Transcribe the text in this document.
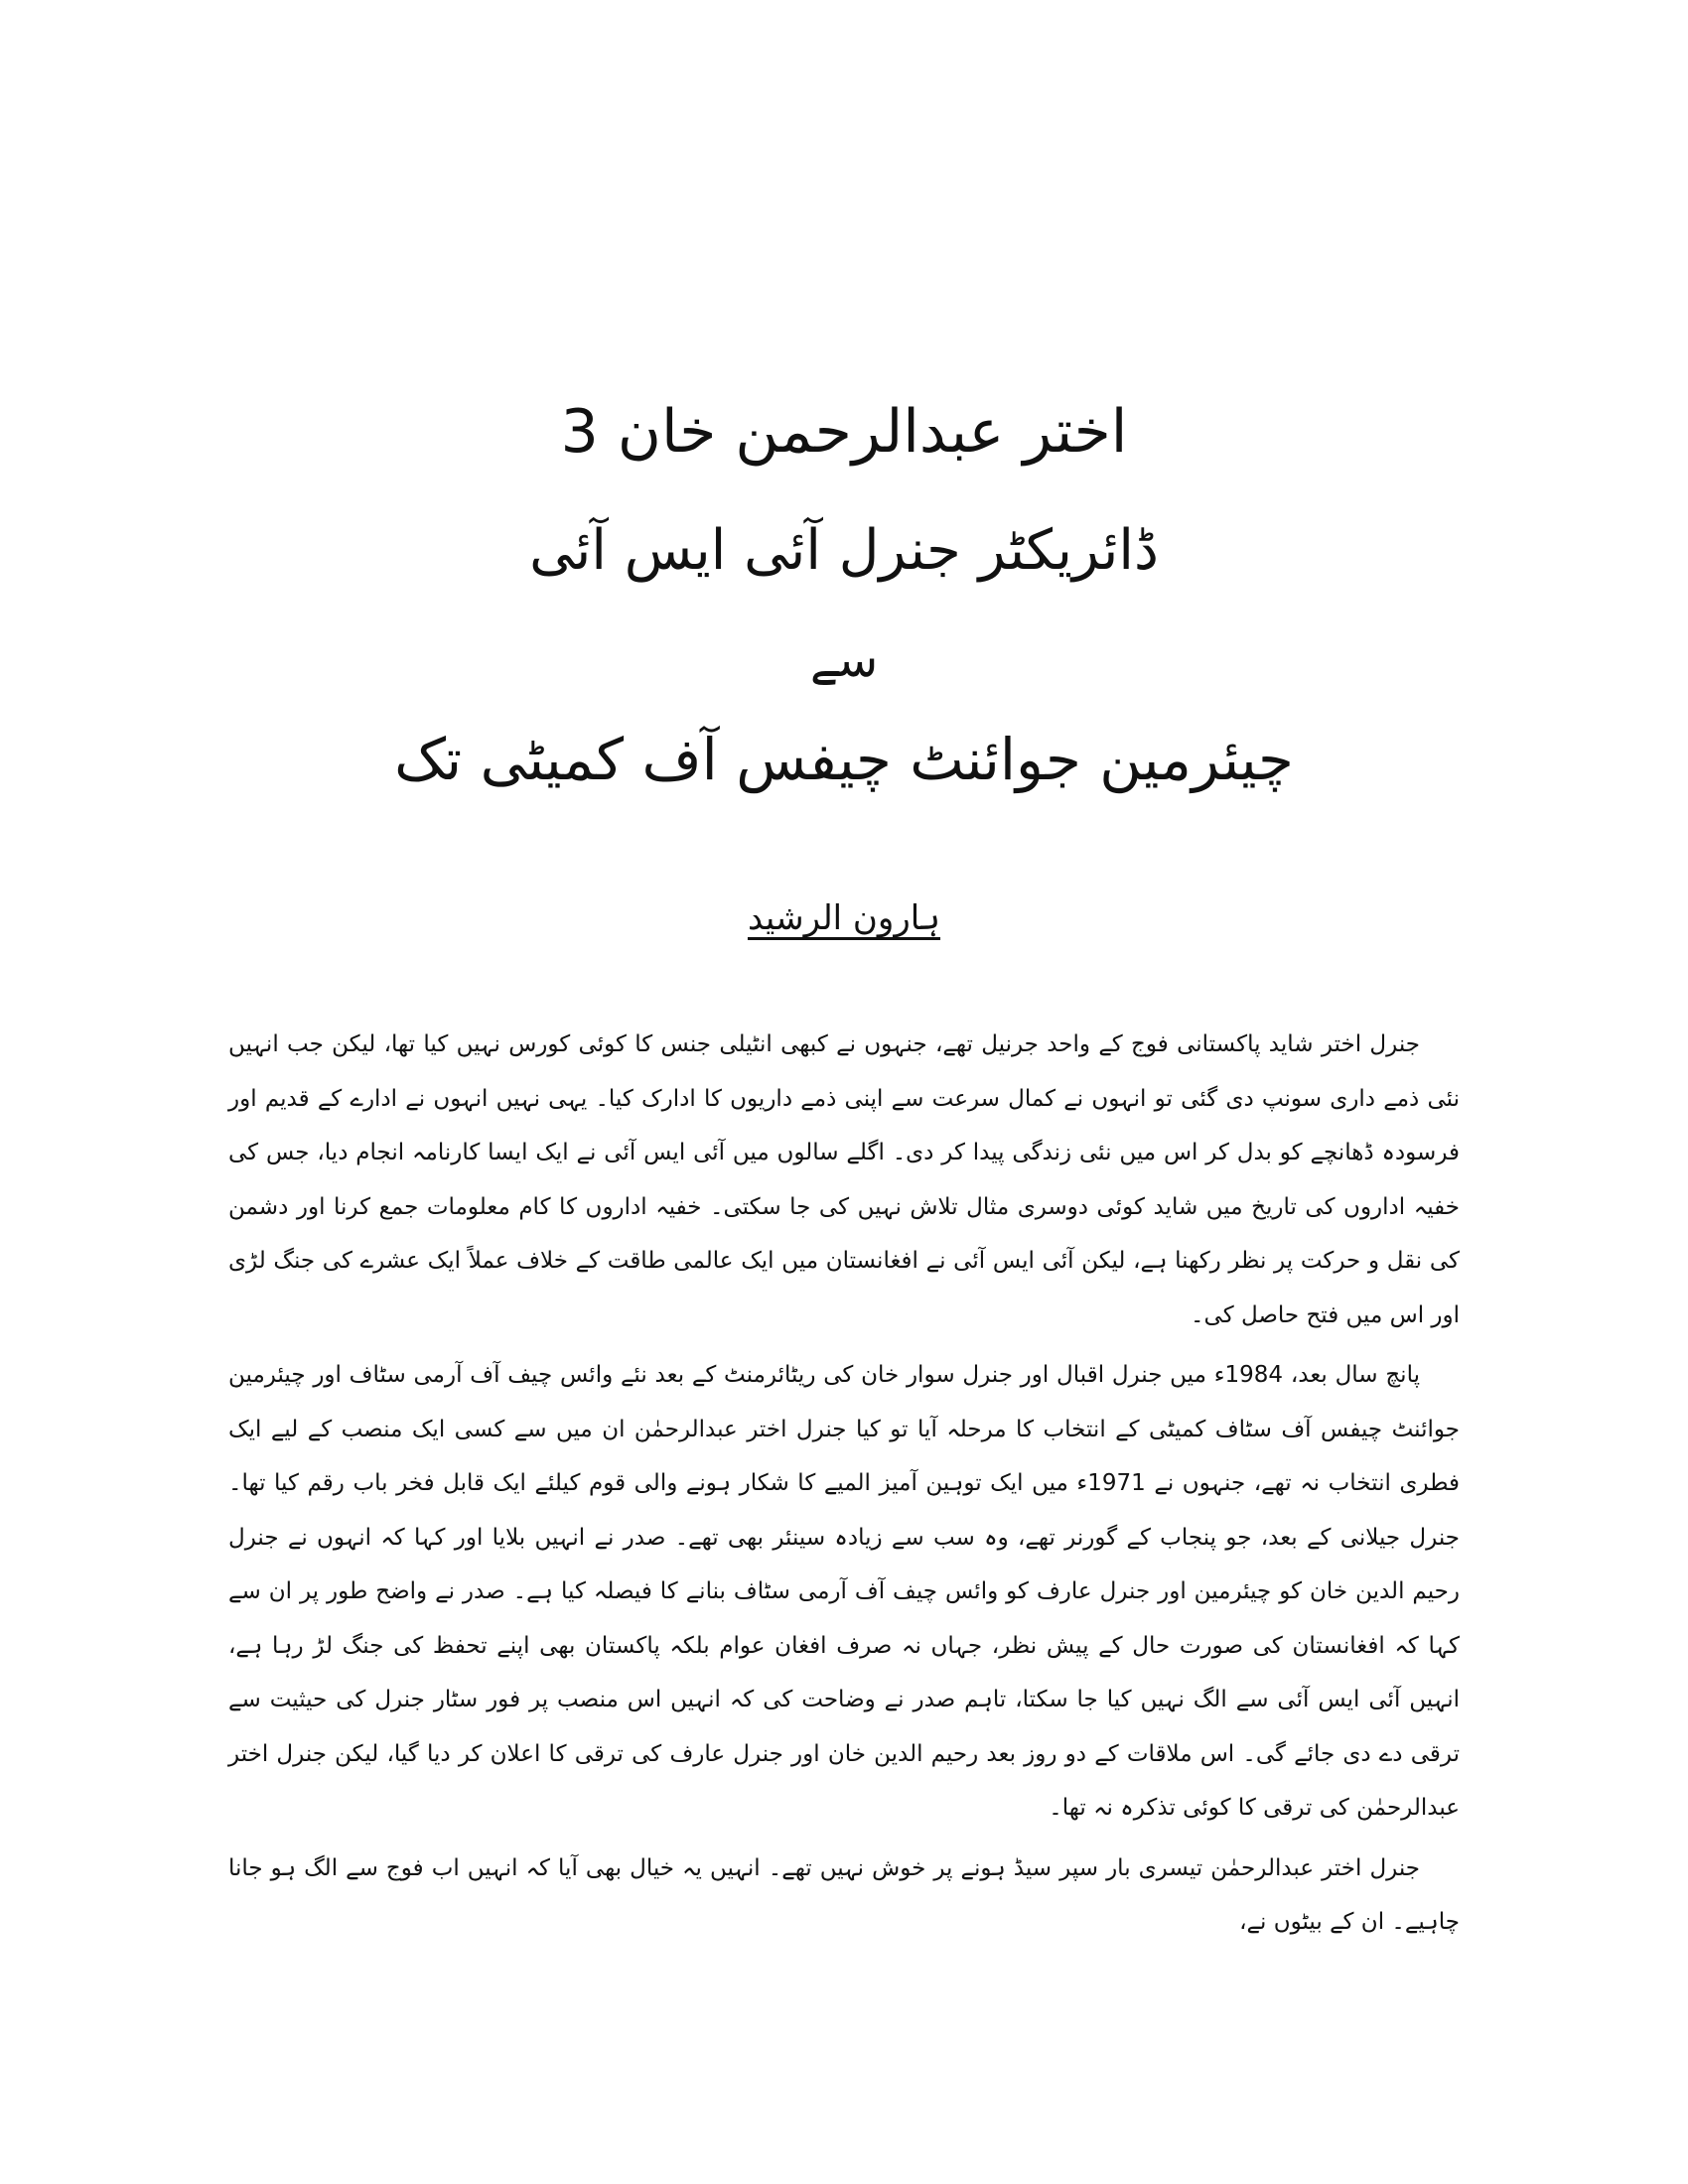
اختر عبدالرحمن خان 3
ڈائریکٹر جنرل آئی ایس آئی
سے
چیئرمین جوائنٹ چیفس آف کمیٹی تک
ہارون الرشید

جنرل اختر شاید پاکستانی فوج کے واحد جرنیل تھے، جنہوں نے کبھی انٹیلی جنس کا کوئی کورس نہیں کیا تھا، لیکن جب انہیں نئی ذمے داری سونپ دی گئی تو انہوں نے کمال سرعت سے اپنی ذمے داریوں کا ادارک کیا۔ یہی نہیں انہوں نے ادارے کے قدیم اور فرسودہ ڈھانچے کو بدل کر اس میں نئی زندگی پیدا کر دی۔ اگلے سالوں میں آئی ایس آئی نے ایک ایسا کارنامہ انجام دیا، جس کی خفیہ اداروں کی تاریخ میں شاید کوئی دوسری مثال تلاش نہیں کی جا سکتی۔ خفیہ اداروں کا کام معلومات جمع کرنا اور دشمن کی نقل و حرکت پر نظر رکھنا ہے، لیکن آئی ایس آئی نے افغانستان میں ایک عالمی طاقت کے خلاف عملاً ایک عشرے کی جنگ لڑی اور اس میں فتح حاصل کی۔

پانچ سال بعد، 1984ء میں جنرل اقبال اور جنرل سوار خان کی ریٹائرمنٹ کے بعد نئے وائس چیف آف آرمی سٹاف اور چیئرمین جوائنٹ چیفس آف سٹاف کمیٹی کے انتخاب کا مرحلہ آیا تو کیا جنرل اختر عبدالرحمٰن ان میں سے کسی ایک منصب کے لیے ایک فطری انتخاب نہ تھے، جنہوں نے 1971ء میں ایک توہین آمیز المیے کا شکار ہونے والی قوم کیلئے ایک قابل فخر باب رقم کیا تھا۔ جنرل جیلانی کے بعد، جو پنجاب کے گورنر تھے، وہ سب سے زیادہ سینئر بھی تھے۔ صدر نے انہیں بلایا اور کہا کہ انہوں نے جنرل رحیم الدین خان کو چیئرمین اور جنرل عارف کو وائس چیف آف آرمی سٹاف بنانے کا فیصلہ کیا ہے۔ صدر نے واضح طور پر ان سے کہا کہ افغانستان کی صورت حال کے پیش نظر، جہاں نہ صرف افغان عوام بلکہ پاکستان بھی اپنے تحفظ کی جنگ لڑ رہا ہے، انہیں آئی ایس آئی سے الگ نہیں کیا جا سکتا، تاہم صدر نے وضاحت کی کہ انہیں اس منصب پر فور سٹار جنرل کی حیثیت سے ترقی دے دی جائے گی۔ اس ملاقات کے دو روز بعد رحیم الدین خان اور جنرل عارف کی ترقی کا اعلان کر دیا گیا، لیکن جنرل اختر عبدالرحمٰن کی ترقی کا کوئی تذکرہ نہ تھا۔

جنرل اختر عبدالرحمٰن تیسری بار سپر سیڈ ہونے پر خوش نہیں تھے۔ انہیں یہ خیال بھی آیا کہ انہیں اب فوج سے الگ ہو جانا چاہیے۔ ان کے بیٹوں نے،
